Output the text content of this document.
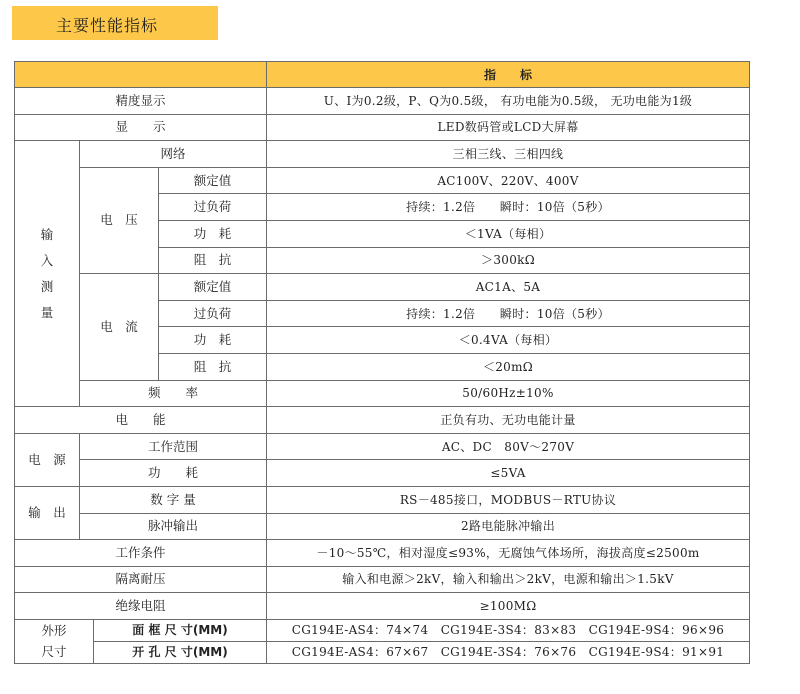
主要性能指标
				指　　标
精度显示				U、I为0.2级，P、Q为0.5级， 有功电能为0.5级， 无功电能为1级
显　　示				LED数码管或LCD大屏幕
输入测量	网络			三相三线、三相四线
	电　压		额定值	AC100V、220V、400V
			过负荷	持续：1.2倍　　瞬时：10倍（5秒）
			功　耗	＜1VA（每相）
			阻　抗	＞300kΩ
	电　流		额定值	AC1A、5A
			过负荷	持续：1.2倍　　瞬时：10倍（5秒）
			功　耗	＜0.4VA（每相）
			阻　抗	＜20mΩ
	频　　率			50/60Hz±10%
电　　能				正负有功、无功电能计量
电　源	工作范围			AC、DC　80V～270V
	功　　耗			≤5VA
输　出	数 字 量			RS－485接口，MODBUS－RTU协议
	脉冲输出			2路电能脉冲输出
工作条件				－10～55℃，相对湿度≤93%，无腐蚀气体场所，海拔高度≤2500m
隔离耐压				输入和电源＞2kV，输入和输出＞2kV，电源和输出＞1.5kV
绝缘电阻				≥100MΩ
外形		面 框 尺 寸(MM)		CG194E-AS4：74×74　CG194E-3S4：83×83　CG194E-9S4：96×96
尺寸		开 孔 尺 寸(MM)		CG194E-AS4：67×67　CG194E-3S4：76×76　CG194E-9S4：91×91
